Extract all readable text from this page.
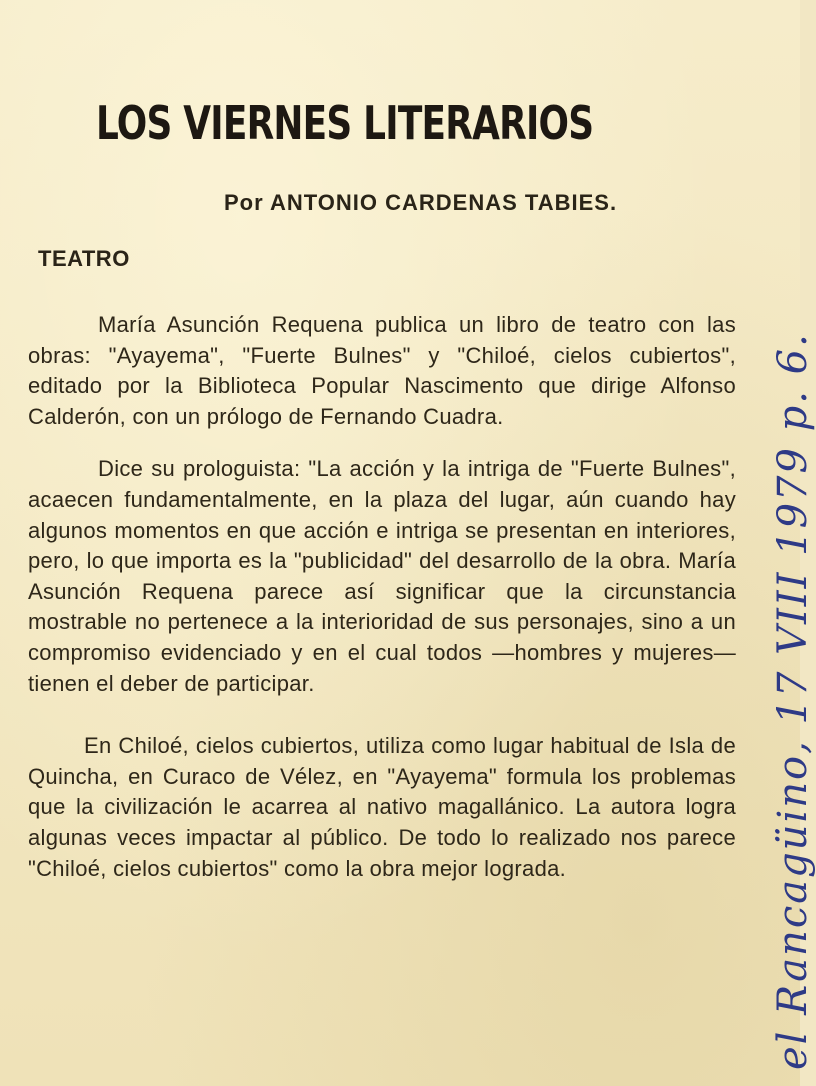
LOS VIERNES LITERARIOS
Por ANTONIO CARDENAS TABIES.
TEATRO

María Asunción Requena publica un libro de teatro con las obras: "Ayayema", "Fuerte Bulnes" y "Chiloé, cielos cubiertos", editado por la Biblioteca Popular Nascimento que dirige Alfonso Calderón, con un prólogo de Fernando Cuadra.

Dice su prologuista: "La acción y la intriga de "Fuerte Bulnes", acaecen fundamentalmente, en la plaza del lugar, aún cuando hay algunos momentos en que acción e intriga se presentan en interiores, pero, lo que importa es la "publicidad" del desarrollo de la obra. María Asunción Requena parece así significar que la circunstancia mostrable no pertenece a la interioridad de sus personajes, sino a un compromiso evidenciado y en el cual todos —hombres y mujeres— tienen el deber de participar.

En Chiloé, cielos cubiertos, utiliza como lugar habitual de Isla de Quincha, en Curaco de Vélez, en "Ayayema" formula los problemas que la civilización le acarrea al nativo magallánico. La autora logra algunas veces impactar al público. De todo lo realizado nos parece "Chiloé, cielos cubiertos" como la obra mejor lograda.	el Rancagüino, 17 VIII 1979 p. 6.
